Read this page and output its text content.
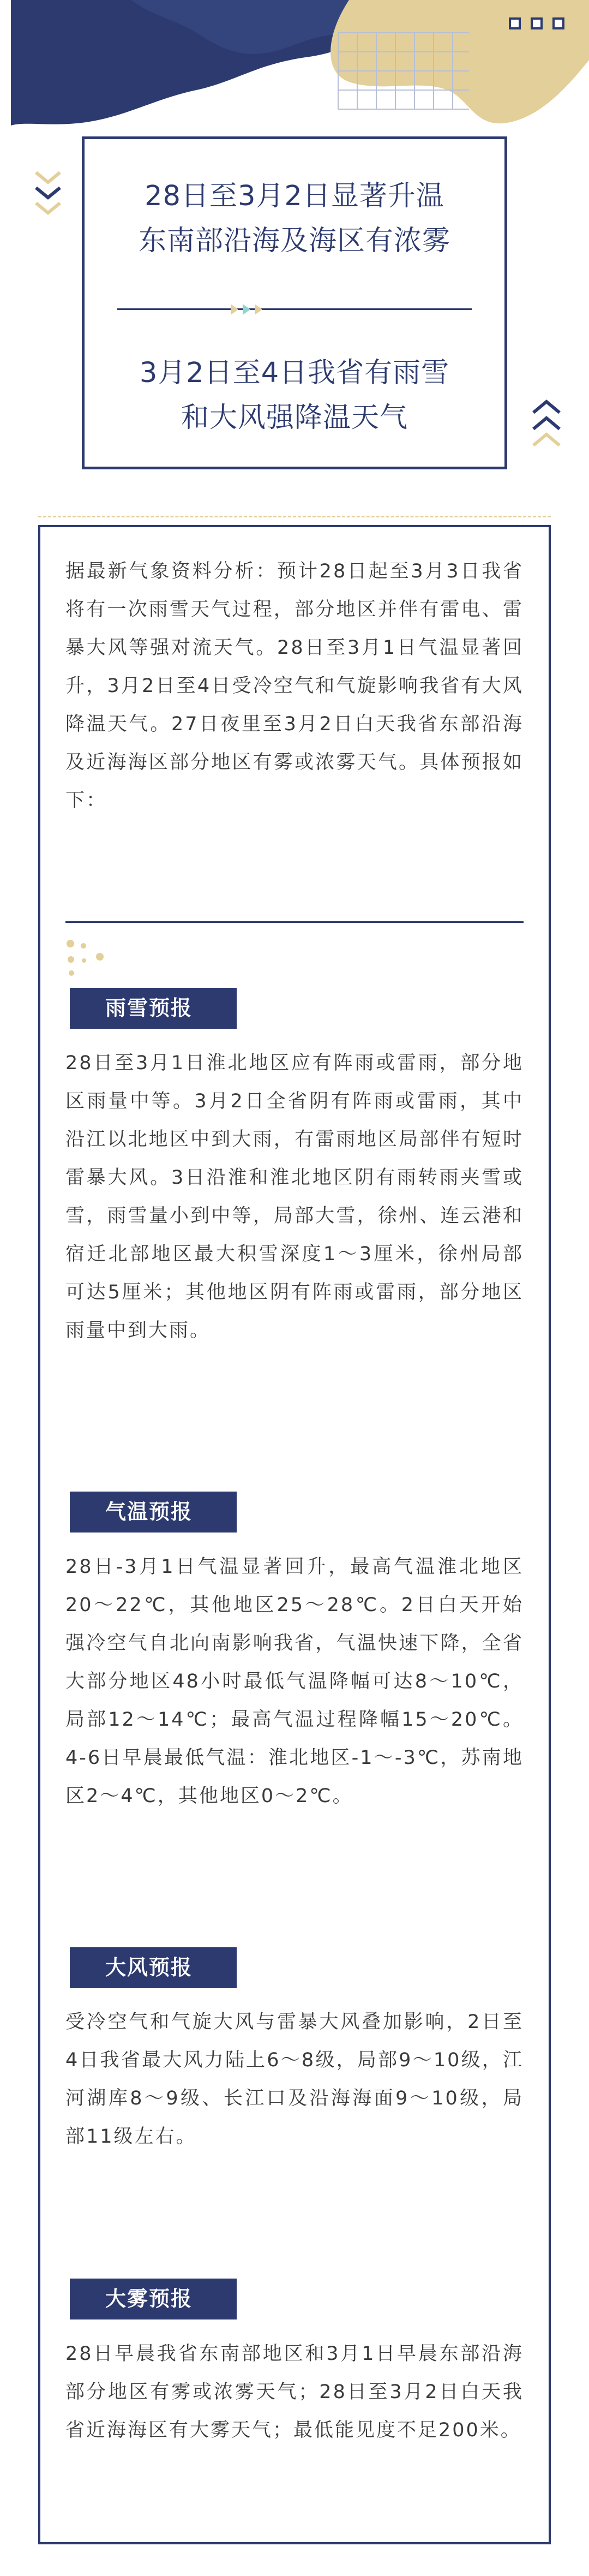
28日至3月2日显著升温
东南部沿海及海区有浓雾
3月2日至4日我省有雨雪
和大风强降温天气

据最新气象资料分析：预计28日起至3月3日我省将有一次雨雪天气过程，部分地区并伴有雷电、雷暴大风等强对流天气。28日至3月1日气温显著回升，3月2日至4日受冷空气和气旋影响我省有大风降温天气。27日夜里至3月2日白天我省东部沿海及近海海区部分地区有雾或浓雾天气。具体预报如下：

雨雪预报

28日至3月1日淮北地区应有阵雨或雷雨，部分地区雨量中等。3月2日全省阴有阵雨或雷雨，其中沿江以北地区中到大雨，有雷雨地区局部伴有短时雷暴大风。3日沿淮和淮北地区阴有雨转雨夹雪或雪，雨雪量小到中等，局部大雪，徐州、连云港和宿迁北部地区最大积雪深度1～3厘米，徐州局部可达5厘米；其他地区阴有阵雨或雷雨，部分地区雨量中到大雨。

气温预报

28日-3月1日气温显著回升，最高气温淮北地区20～22℃，其他地区25～28℃。2日白天开始强冷空气自北向南影响我省，气温快速下降，全省大部分地区48小时最低气温降幅可达8～10℃，局部12～14℃；最高气温过程降幅15～20℃。4-6日早晨最低气温：淮北地区-1～-3℃，苏南地区2～4℃，其他地区0～2℃。

大风预报

受冷空气和气旋大风与雷暴大风叠加影响，2日至4日我省最大风力陆上6～8级，局部9～10级，江河湖库8～9级、长江口及沿海海面9～10级，局部11级左右。

大雾预报

28日早晨我省东南部地区和3月1日早晨东部沿海部分地区有雾或浓雾天气；28日至3月2日白天我省近海海区有大雾天气；最低能见度不足200米。
